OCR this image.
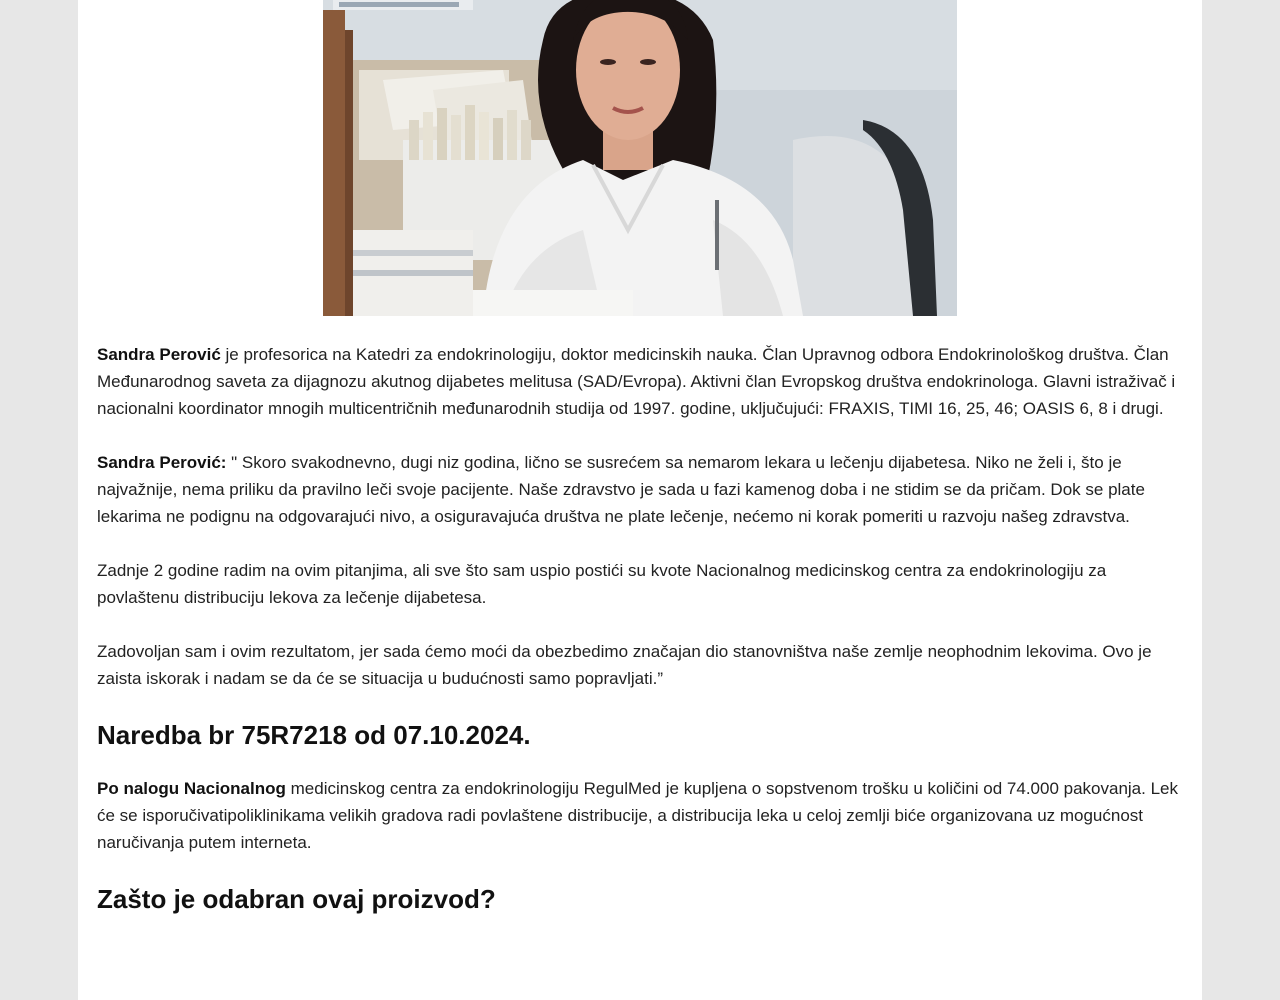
Sandra Perović je profesorica na Katedri za endokrinologiju, doktor medicinskih nauka. Član Upravnog odbora Endokrinološkog društva. Član Međunarodnog saveta za dijagnozu akutnog dijabetes melitusa (SAD/Evropa). Aktivni član Evropskog društva endokrinologa. Glavni istraživač i nacionalni koordinator mnogih multicentričnih međunarodnih studija od 1997. godine, uključujući: FRAXIS, TIMI 16, 25, 46; OASIS 6, 8 i drugi.

Sandra Perović: " Skoro svakodnevno, dugi niz godina, lično se susrećem sa nemarom lekara u lečenju dijabetesa. Niko ne želi i, što je najvažnije, nema priliku da pravilno leči svoje pacijente. Naše zdravstvo je sada u fazi kamenog doba i ne stidim se da pričam. Dok se plate lekarima ne podignu na odgovarajući nivo, a osiguravajuća društva ne plate lečenje, nećemo ni korak pomeriti u razvoju našeg zdravstva.

Zadnje 2 godine radim na ovim pitanjima, ali sve što sam uspio postići su kvote Nacionalnog medicinskog centra za endokrinologiju za povlaštenu distribuciju lekova za lečenje dijabetesa.

Zadovoljan sam i ovim rezultatom, jer sada ćemo moći da obezbedimo značajan dio stanovništva naše zemlje neophodnim lekovima. Ovo je zaista iskorak i nadam se da će se situacija u budućnosti samo popravljati.”

Naredba br 75R7218 od 07.10.2024.

Po nalogu Nacionalnog medicinskog centra za endokrinologiju RegulMed je kupljena o sopstvenom trošku u količini od 74.000 pakovanja. Lek će se isporučivatipoliklinikama velikih gradova radi povlaštene distribucije, a distribucija leka u celoj zemlji biće organizovana uz mogućnost naručivanja putem interneta.

Zašto je odabran ovaj proizvod?
